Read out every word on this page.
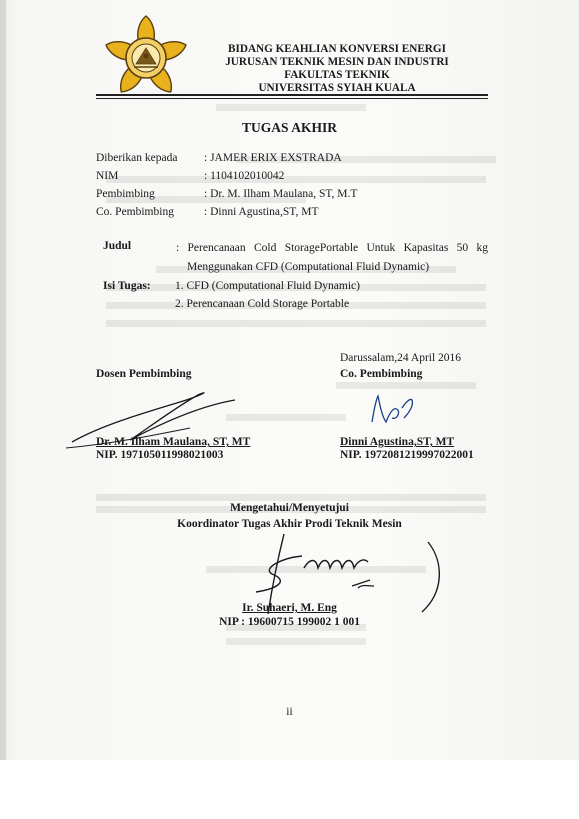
BIDANG KEAHLIAN KONVERSI ENERGI
JURUSAN TEKNIK MESIN DAN INDUSTRI
FAKULTAS TEKNIK
UNIVERSITAS SYIAH KUALA
TUGAS AKHIR
Diberikan kepada : JAMER ERIX EXSTRADA
NIM	: 1104102010042
Pembimbing	: Dr. M. Ilham Maulana, ST, M.T
Co. Pembimbing	: Dinni Agustina,ST, MT
Judul	: Perencanaan Cold StoragePortable Untuk Kapasitas 50 kg
Menggunakan CFD (Computational Fluid Dynamic)
Isi Tugas: 1. CFD (Computational Fluid Dynamic)
2. Perencanaan Cold Storage Portable
Darussalam,24 April 2016
Dosen Pembimbing
Dr. M. Ilham Maulana, ST, MT
NIP. 197105011998021003
Co. Pembimbing
Dinni Agustina,ST, MT
NIP. 1972081219997022001
Mengetahui/Menyetujui
Koordinator Tugas Akhir Prodi Teknik Mesin
Ir. Suhaeri, M. Eng
NIP : 19600715 199002 1 001
ii
